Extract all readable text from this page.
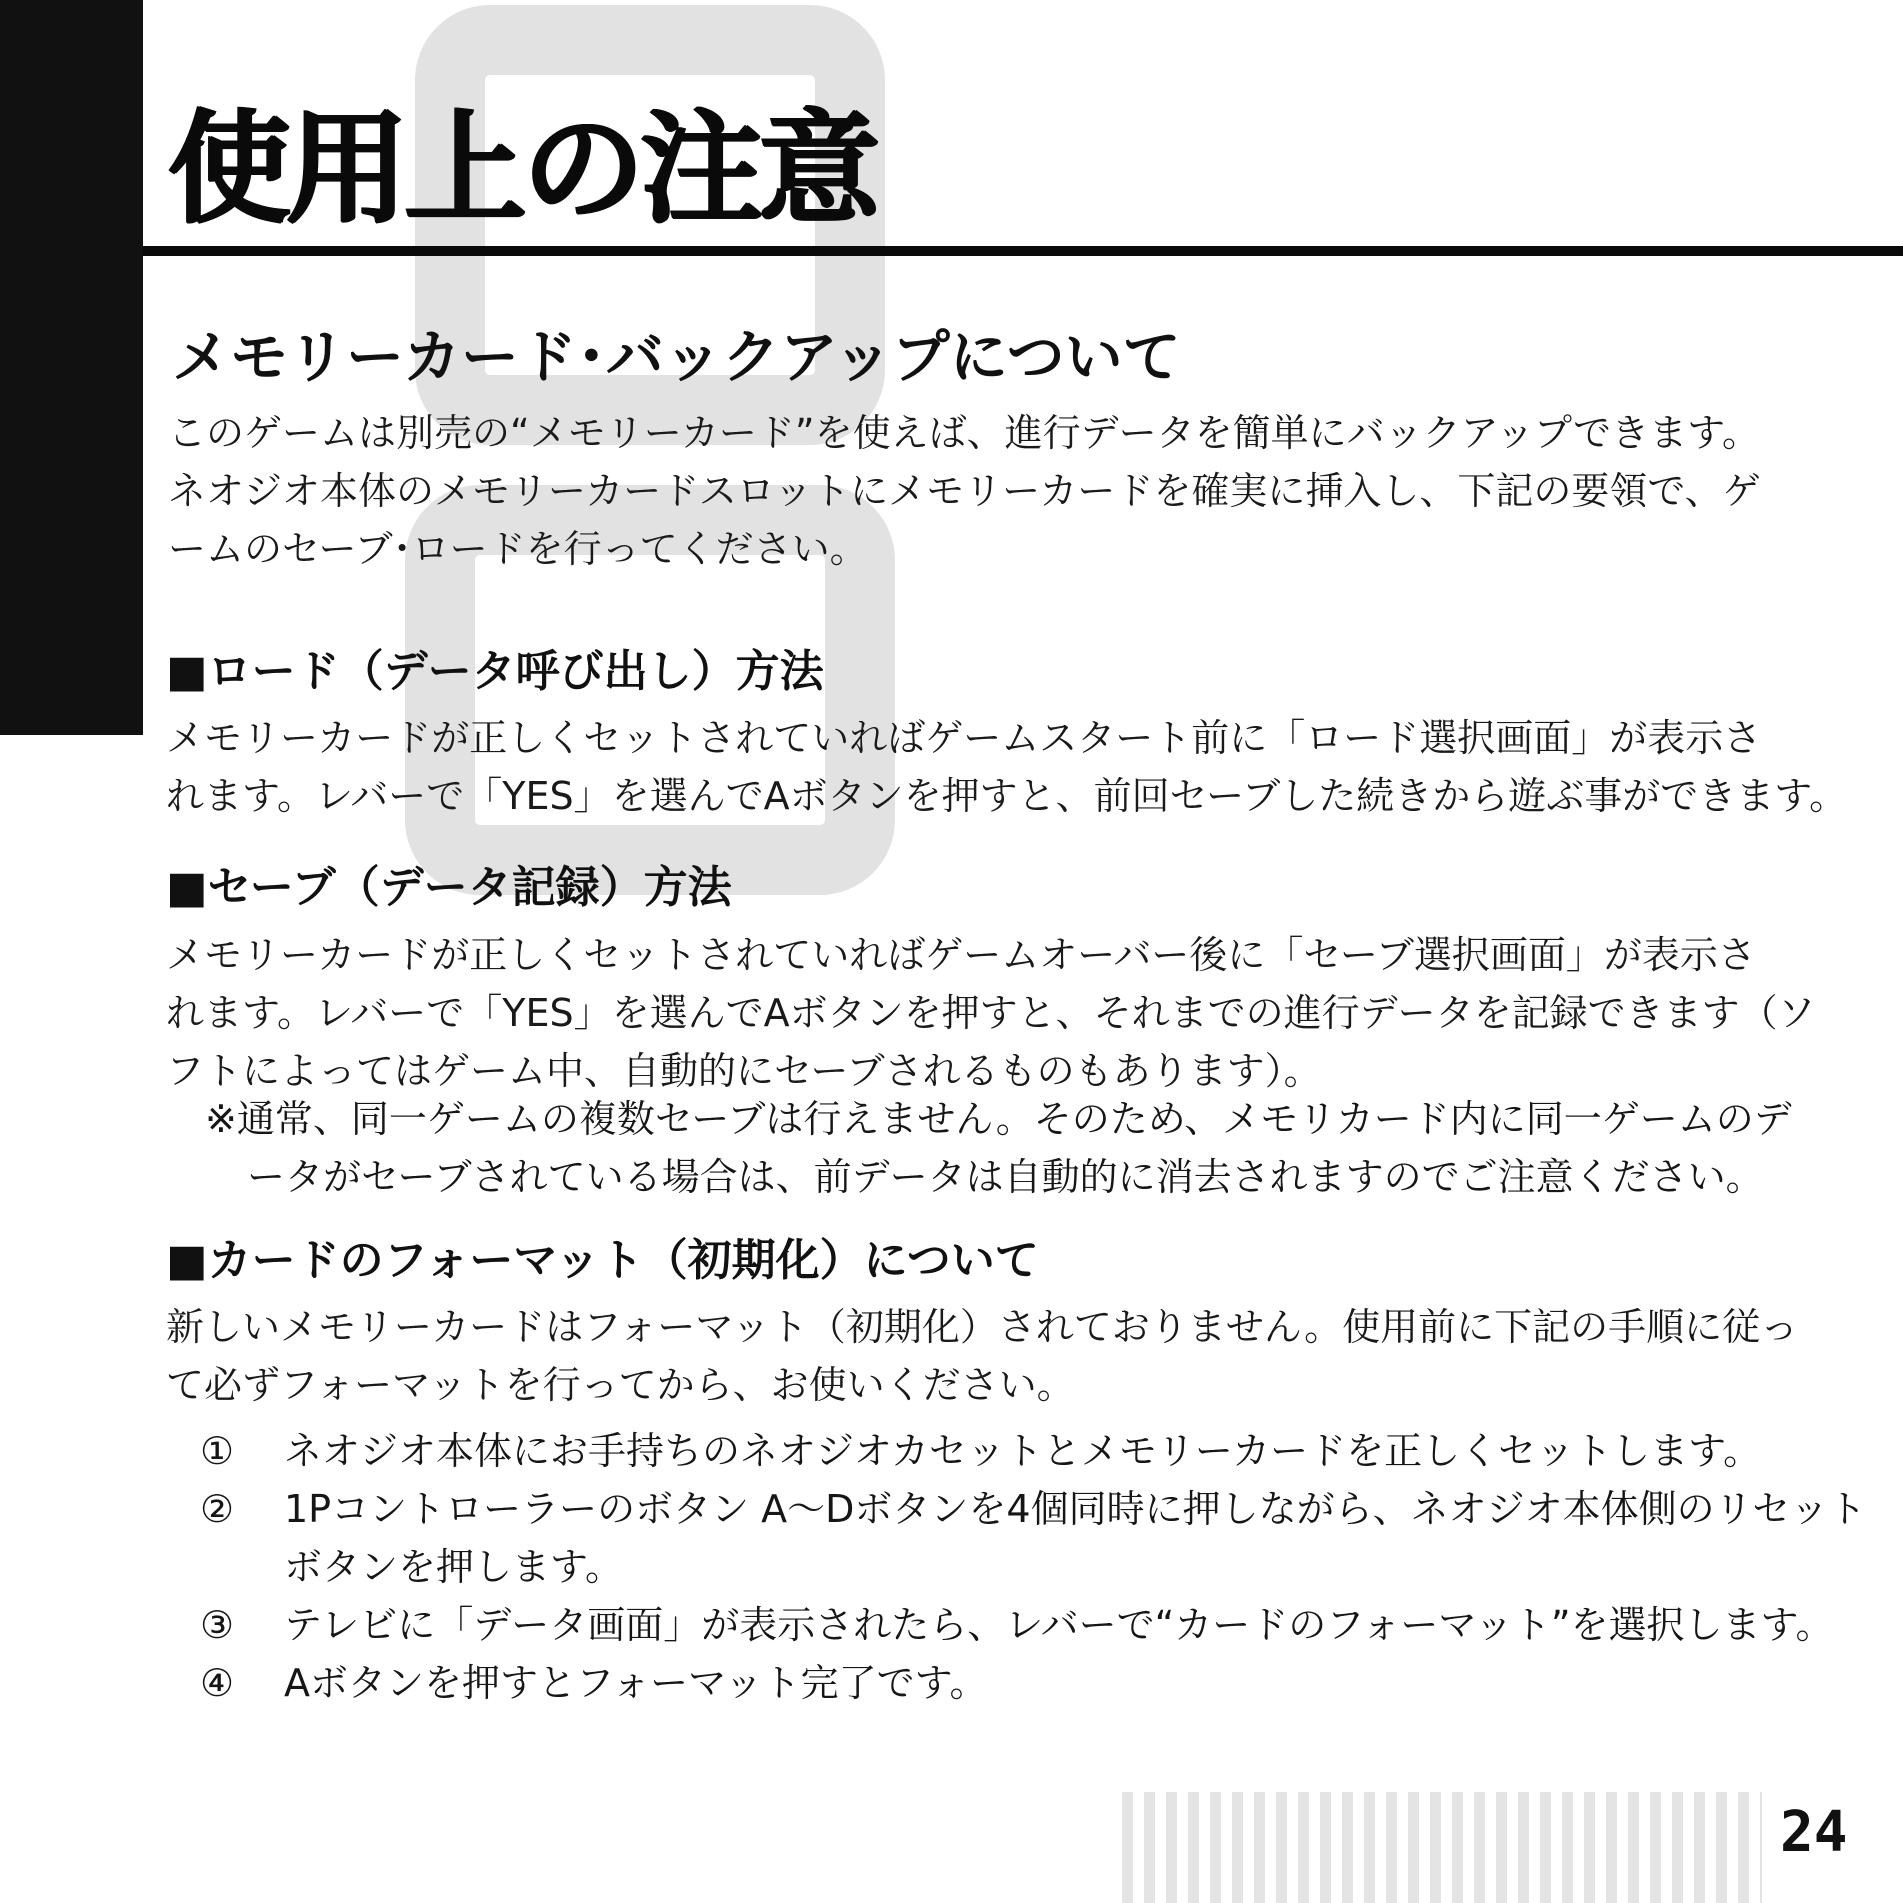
使用上の注意
メモリーカード･バックアップについて

このゲームは別売の“メモリーカード”を使えば、進行データを簡単にバックアップできます。
ネオジオ本体のメモリーカードスロットにメモリーカードを確実に挿入し、下記の要領で、ゲ
ームのセーブ･ロードを行ってください。

■ロード（データ呼び出し）方法

メモリーカードが正しくセットされていればゲームスタート前に「ロード選択画面」が表示さ
れます。レバーで「YES」を選んでAボタンを押すと、前回セーブした続きから遊ぶ事ができます。

■セーブ（データ記録）方法

メモリーカードが正しくセットされていればゲームオーバー後に「セーブ選択画面」が表示さ
れます。レバーで「YES」を選んでAボタンを押すと、それまでの進行データを記録できます（ソ
フトによってはゲーム中、自動的にセーブされるものもあります）。

※通常、同一ゲームの複数セーブは行えません。そのため、メモリカード内に同一ゲームのデ
ータがセーブされている場合は、前データは自動的に消去されますのでご注意ください。

■カードのフォーマット（初期化）について

新しいメモリーカードはフォーマット（初期化）されておりません。使用前に下記の手順に従っ
て必ずフォーマットを行ってから、お使いください。

①	ネオジオ本体にお手持ちのネオジオカセットとメモリーカードを正しくセットします。
②	1Pコントローラーのボタン A～Dボタンを4個同時に押しながら、ネオジオ本体側のリセット
ボタンを押します。
③	テレビに「データ画面」が表示されたら、レバーで“カードのフォーマット”を選択します。
④	Aボタンを押すとフォーマット完了です。
24
